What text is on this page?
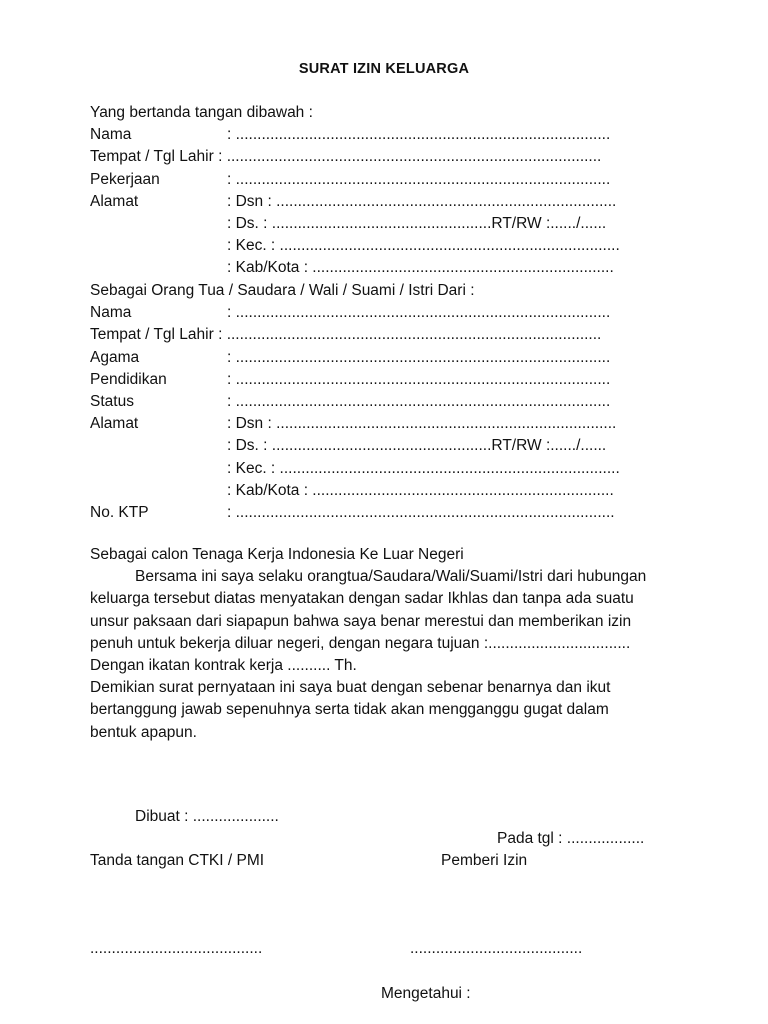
SURAT IZIN KELUARGA
Yang bertanda tangan dibawah :
Nama	: .......................................................................................
Tempat / Tgl Lahir : .......................................................................................
Pekerjaan	: .......................................................................................
Alamat	: Dsn : ...............................................................................
: Ds. : ...................................................RT/RW :....../......
: Kec. : ...............................................................................
: Kab/Kota : ......................................................................
Sebagai Orang Tua / Saudara / Wali / Suami / Istri Dari :
Nama	: .......................................................................................
Tempat / Tgl Lahir : .......................................................................................
Agama	: .......................................................................................
Pendidikan	: .......................................................................................
Status	: .......................................................................................
Alamat	: Dsn : ...............................................................................
: Ds. : ...................................................RT/RW :....../......
: Kec. : ...............................................................................
: Kab/Kota : ......................................................................
No. KTP	: ........................................................................................
Sebagai calon Tenaga Kerja Indonesia Ke Luar Negeri
Bersama ini saya selaku orangtua/Saudara/Wali/Suami/Istri dari hubungan
keluarga tersebut diatas menyatakan dengan sadar Ikhlas dan tanpa ada suatu
unsur paksaan dari siapapun bahwa saya benar merestui dan memberikan izin
penuh untuk bekerja diluar negeri, dengan negara tujuan :.................................
Dengan ikatan kontrak kerja .......... Th.
Demikian surat pernyataan ini saya buat dengan sebenar benarnya dan ikut
bertanggung jawab sepenuhnya serta tidak akan mengganggu gugat dalam
bentuk apapun.
Dibuat : ....................
Pada tgl : ..................
Tanda tangan CTKI / PMI	Pemberi Izin
........................................	........................................
Mengetahui :
